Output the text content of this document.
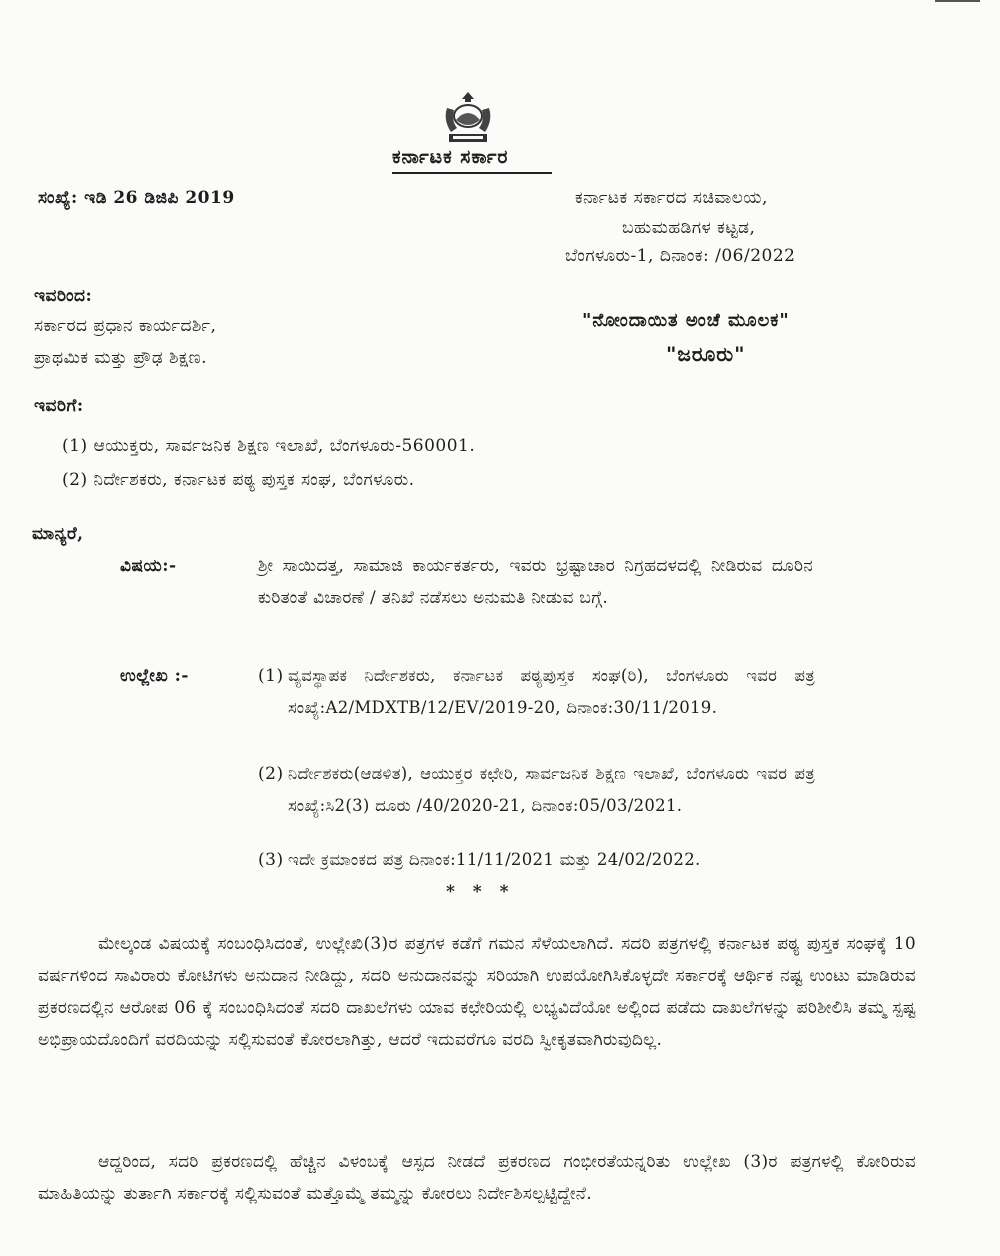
ಕರ್ನಾಟಕ ಸರ್ಕಾರ
ಸಂಖ್ಯೆ: ಇಡಿ 26 ಡಿಜಿಪಿ 2019	ಕರ್ನಾಟಕ ಸರ್ಕಾರದ ಸಚಿವಾಲಯ,
ಬಹುಮಹಡಿಗಳ ಕಟ್ಟಡ,
ಬೆಂಗಳೂರು-1, ದಿನಾಂಕ: /06/2022
ಇವರಿಂದ:
ಸರ್ಕಾರದ ಪ್ರಧಾನ ಕಾರ್ಯದರ್ಶಿ,
ಪ್ರಾಥಮಿಕ ಮತ್ತು ಪ್ರೌಢ ಶಿಕ್ಷಣ.
"ನೋಂದಾಯಿತ ಅಂಚೆ ಮೂಲಕ"
"ಜರೂರು"
ಇವರಿಗೆ:
(1) ಆಯುಕ್ತರು, ಸಾರ್ವಜನಿಕ ಶಿಕ್ಷಣ ಇಲಾಖೆ, ಬೆಂಗಳೂರು-560001.
(2) ನಿರ್ದೇಶಕರು, ಕರ್ನಾಟಕ ಪಠ್ಯ ಪುಸ್ತಕ ಸಂಘ, ಬೆಂಗಳೂರು.
ಮಾನ್ಯರೆ,
ವಿಷಯ:-	ಶ್ರೀ ಸಾಯಿದತ್ತ, ಸಾಮಾಜಿ ಕಾರ್ಯಕರ್ತರು, ಇವರು ಭ್ರಷ್ಟಾಚಾರ ನಿಗ್ರಹದಳದಲ್ಲಿ ನೀಡಿರುವ ದೂರಿನ ಕುರಿತಂತೆ ವಿಚಾರಣೆ / ತನಿಖೆ ನಡೆಸಲು ಅನುಮತಿ ನೀಡುವ ಬಗ್ಗೆ.
ಉಲ್ಲೇಖ :-	(1) ವ್ಯವಸ್ಥಾಪಕ ನಿರ್ದೇಶಕರು, ಕರ್ನಾಟಕ ಪಠ್ಯಪುಸ್ತಕ ಸಂಘ(ರಿ), ಬೆಂಗಳೂರು ಇವರ ಪತ್ರ ಸಂಖ್ಯೆ:A2/MDXTB/12/EV/2019-20, ದಿನಾಂಕ:30/11/2019.
(2) ನಿರ್ದೇಶಕರು(ಆಡಳಿತ), ಆಯುಕ್ತರ ಕಛೇರಿ, ಸಾರ್ವಜನಿಕ ಶಿಕ್ಷಣ ಇಲಾಖೆ, ಬೆಂಗಳೂರು ಇವರ ಪತ್ರ ಸಂಖ್ಯೆ:ಸಿ2(3) ದೂರು /40/2020-21, ದಿನಾಂಕ:05/03/2021.
(3) ಇದೇ ಕ್ರಮಾಂಕದ ಪತ್ರ ದಿನಾಂಕ:11/11/2021 ಮತ್ತು 24/02/2022.
* * *
ಮೇಲ್ಕಂಡ ವಿಷಯಕ್ಕೆ ಸಂಬಂಧಿಸಿದಂತೆ, ಉಲ್ಲೇಖಿ(3)ರ ಪತ್ರಗಳ ಕಡೆಗೆ ಗಮನ ಸೆಳೆಯಲಾಗಿದೆ. ಸದರಿ ಪತ್ರಗಳಲ್ಲಿ ಕರ್ನಾಟಕ ಪಠ್ಯ ಪುಸ್ತಕ ಸಂಘಕ್ಕೆ 10 ವರ್ಷಗಳಿಂದ ಸಾವಿರಾರು ಕೋಟಿಗಳು ಅನುದಾನ ನೀಡಿದ್ದು, ಸದರಿ ಅನುದಾನವನ್ನು ಸರಿಯಾಗಿ ಉಪಯೋಗಿಸಿಕೊಳ್ಳದೇ ಸರ್ಕಾರಕ್ಕೆ ಆರ್ಥಿಕ ನಷ್ಟ ಉಂಟು ಮಾಡಿರುವ ಪ್ರಕರಣದಲ್ಲಿನ ಆರೋಪ 06 ಕ್ಕೆ ಸಂಬಂಧಿಸಿದಂತೆ ಸದರಿ ದಾಖಲೆಗಳು ಯಾವ ಕಛೇರಿಯಲ್ಲಿ ಲಭ್ಯವಿದೆಯೋ ಅಲ್ಲಿಂದ ಪಡೆದು ದಾಖಲೆಗಳನ್ನು ಪರಿಶೀಲಿಸಿ ತಮ್ಮ ಸ್ಪಷ್ಟ ಅಭಿಪ್ರಾಯದೊಂದಿಗೆ ವರದಿಯನ್ನು ಸಲ್ಲಿಸುವಂತೆ ಕೋರಲಾಗಿತ್ತು, ಆದರೆ ಇದುವರೆಗೂ ವರದಿ ಸ್ವೀಕೃತವಾಗಿರುವುದಿಲ್ಲ.
ಆದ್ದರಿಂದ, ಸದರಿ ಪ್ರಕರಣದಲ್ಲಿ ಹೆಚ್ಚಿನ ವಿಳಂಬಕ್ಕೆ ಆಸ್ಪದ ನೀಡದೆ ಪ್ರಕರಣದ ಗಂಭೀರತೆಯನ್ನರಿತು ಉಲ್ಲೇಖ (3)ರ ಪತ್ರಗಳಲ್ಲಿ ಕೋರಿರುವ ಮಾಹಿತಿಯನ್ನು ತುರ್ತಾಗಿ ಸರ್ಕಾರಕ್ಕೆ ಸಲ್ಲಿಸುವಂತೆ ಮತ್ತೊಮ್ಮೆ ತಮ್ಮನ್ನು ಕೋರಲು ನಿರ್ದೇಶಿಸಲ್ಪಟ್ಟಿದ್ದೇನೆ.
